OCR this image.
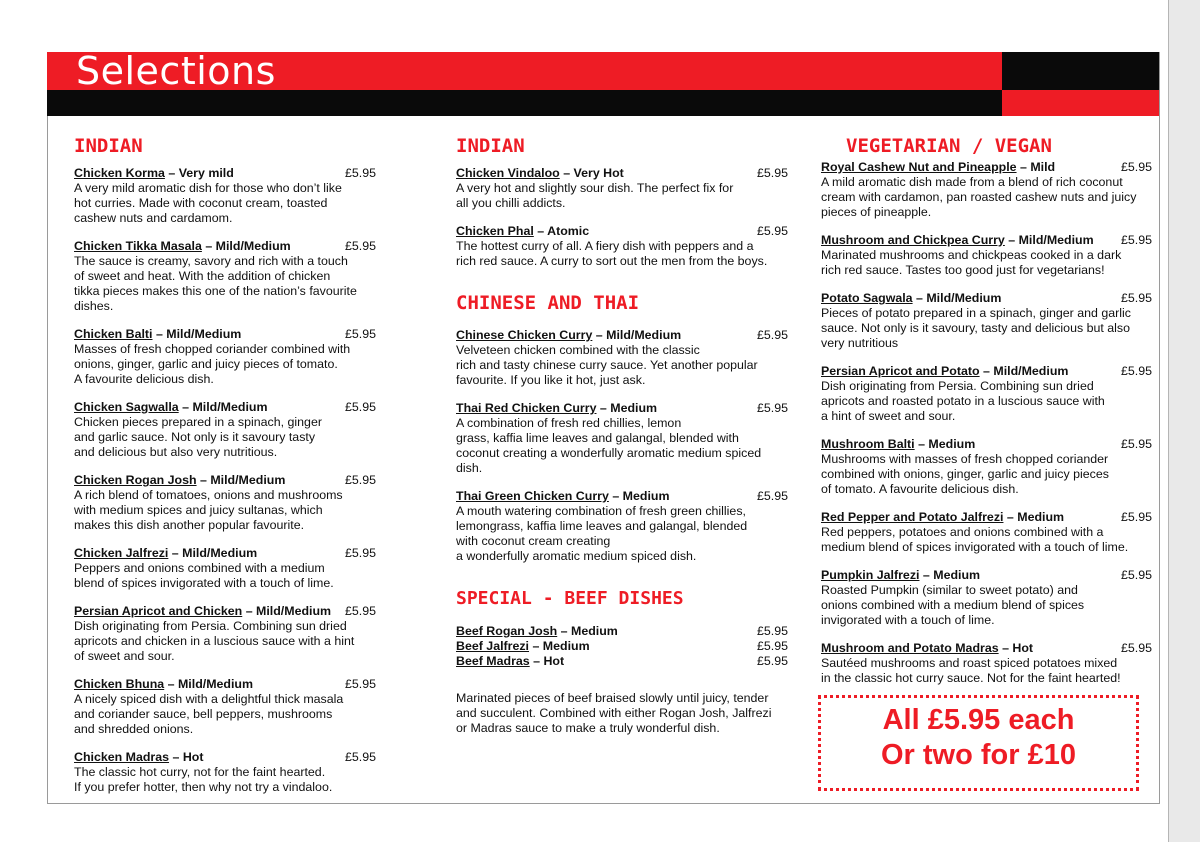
Selections
INDIAN
Chicken Korma – Very mild	£5.95

A very mild aromatic dish for those who don’t like
hot curries. Made with coconut cream, toasted
cashew nuts and cardamom.

Chicken Tikka Masala – Mild/Medium	£5.95

The sauce is creamy, savory and rich with a touch
of sweet and heat. With the addition of chicken
tikka pieces makes this one of the nation’s favourite
dishes.

Chicken Balti – Mild/Medium	£5.95

Masses of fresh chopped coriander combined with
onions, ginger, garlic and juicy pieces of tomato.
A favourite delicious dish.

Chicken Sagwalla – Mild/Medium	£5.95

Chicken pieces prepared in a spinach, ginger
and garlic sauce. Not only is it savoury tasty
and delicious but also very nutritious.

Chicken Rogan Josh – Mild/Medium	£5.95

A rich blend of tomatoes, onions and mushrooms
with medium spices and juicy sultanas, which
makes this dish another popular favourite.

Chicken Jalfrezi – Mild/Medium	£5.95

Peppers and onions combined with a medium
blend of spices invigorated with a touch of lime.

Persian Apricot and Chicken – Mild/Medium £5.95

Dish originating from Persia. Combining sun dried
apricots and chicken in a luscious sauce with a hint
of sweet and sour.

Chicken Bhuna – Mild/Medium	£5.95

A nicely spiced dish with a delightful thick masala
and coriander sauce, bell peppers, mushrooms
and shredded onions.

Chicken Madras – Hot	£5.95

The classic hot curry, not for the faint hearted.
If you prefer hotter, then why not try a vindaloo.

INDIAN
Chicken Vindaloo – Very Hot	£5.95

A very hot and slightly sour dish. The perfect fix for
all you chilli addicts.

Chicken Phal – Atomic	£5.95

The hottest curry of all. A fiery dish with peppers and a
rich red sauce. A curry to sort out the men from the boys.

CHINESE AND THAI
Chinese Chicken Curry – Mild/Medium	£5.95

Velveteen chicken combined with the classic
rich and tasty chinese curry sauce. Yet another popular
favourite. If you like it hot, just ask.

Thai Red Chicken Curry – Medium	£5.95

A combination of fresh red chillies, lemon
grass, kaffia lime leaves and galangal, blended with
coconut creating a wonderfully aromatic medium spiced
dish.

Thai Green Chicken Curry – Medium	£5.95

A mouth watering combination of fresh green chillies,
lemongrass, kaffia lime leaves and galangal, blended
with coconut cream creating
a wonderfully aromatic medium spiced dish.

SPECIAL - BEEF DISHES
Beef Rogan Josh – Medium	£5.95
Beef Jalfrezi – Medium	£5.95
Beef Madras – Hot	£5.95

Marinated pieces of beef braised slowly until juicy, tender
and succulent. Combined with either Rogan Josh, Jalfrezi
or Madras sauce to make a truly wonderful dish.

VEGETARIAN / VEGAN
Royal Cashew Nut and Pineapple – Mild	£5.95

A mild aromatic dish made from a blend of rich coconut
cream with cardamon, pan roasted cashew nuts and juicy
pieces of pineapple.

Mushroom and Chickpea Curry – Mild/Medium £5.95

Marinated mushrooms and chickpeas cooked in a dark
rich red sauce. Tastes too good just for vegetarians!

Potato Sagwala – Mild/Medium	£5.95

Pieces of potato prepared in a spinach, ginger and garlic
sauce. Not only is it savoury, tasty and delicious but also
very nutritious

Persian Apricot and Potato – Mild/Medium	£5.95

Dish originating from Persia. Combining sun dried
apricots and roasted potato in a luscious sauce with
a hint of sweet and sour.

Mushroom Balti – Medium	£5.95

Mushrooms with masses of fresh chopped coriander
combined with onions, ginger, garlic and juicy pieces
of tomato. A favourite delicious dish.

Red Pepper and Potato Jalfrezi – Medium	£5.95

Red peppers, potatoes and onions combined with a
medium blend of spices invigorated with a touch of lime.

Pumpkin Jalfrezi – Medium	£5.95

Roasted Pumpkin (similar to sweet potato) and
onions combined with a medium blend of spices
invigorated with a touch of lime.

Mushroom and Potato Madras – Hot	£5.95

Sautéed mushrooms and roast spiced potatoes mixed
in the classic hot curry sauce. Not for the faint hearted!

All £5.95 each
Or two for £10
